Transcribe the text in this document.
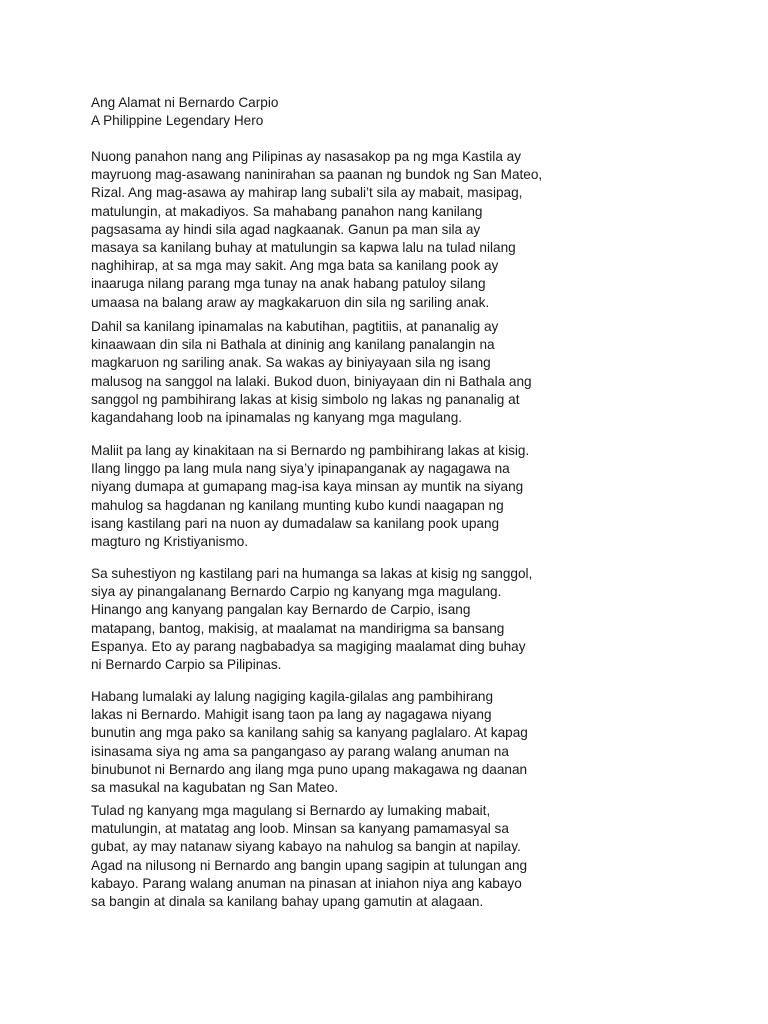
Ang Alamat ni Bernardo Carpio
A Philippine Legendary Hero
Nuong panahon nang ang Pilipinas ay nasasakop pa ng mga Kastila ay
mayruong mag-asawang naninirahan sa paanan ng bundok ng San Mateo,
Rizal. Ang mag-asawa ay mahirap lang subali’t sila ay mabait, masipag,
matulungin, at makadiyos. Sa mahabang panahon nang kanilang
pagsasama ay hindi sila agad nagkaanak. Ganun pa man sila ay
masaya sa kanilang buhay at matulungin sa kapwa lalu na tulad nilang
naghihirap, at sa mga may sakit. Ang mga bata sa kanilang pook ay
inaaruga nilang parang mga tunay na anak habang patuloy silang
umaasa na balang araw ay magkakaruon din sila ng sariling anak.
Dahil sa kanilang ipinamalas na kabutihan, pagtitiis, at pananalig ay
kinaawaan din sila ni Bathala at dininig ang kanilang panalangin na
magkaruon ng sariling anak. Sa wakas ay biniyayaan sila ng isang
malusog na sanggol na lalaki. Bukod duon, biniyayaan din ni Bathala ang
sanggol ng pambihirang lakas at kisig simbolo ng lakas ng pananalig at
kagandahang loob na ipinamalas ng kanyang mga magulang.
Maliit pa lang ay kinakitaan na si Bernardo ng pambihirang lakas at kisig.
Ilang linggo pa lang mula nang siya’y ipinapanganak ay nagagawa na
niyang dumapa at gumapang mag-isa kaya minsan ay muntik na siyang
mahulog sa hagdanan ng kanilang munting kubo kundi naagapan ng
isang kastilang pari na nuon ay dumadalaw sa kanilang pook upang
magturo ng Kristiyanismo.
Sa suhestiyon ng kastilang pari na humanga sa lakas at kisig ng sanggol,
siya ay pinangalanang Bernardo Carpio ng kanyang mga magulang.
Hinango ang kanyang pangalan kay Bernardo de Carpio, isang
matapang, bantog, makisig, at maalamat na mandirigma sa bansang
Espanya. Eto ay parang nagbabadya sa magiging maalamat ding buhay
ni Bernardo Carpio sa Pilipinas.
Habang lumalaki ay lalung nagiging kagila-gilalas ang pambihirang
lakas ni Bernardo. Mahigit isang taon pa lang ay nagagawa niyang
bunutin ang mga pako sa kanilang sahig sa kanyang paglalaro. At kapag
isinasama siya ng ama sa pangangaso ay parang walang anuman na
binubunot ni Bernardo ang ilang mga puno upang makagawa ng daanan
sa masukal na kagubatan ng San Mateo.
Tulad ng kanyang mga magulang si Bernardo ay lumaking mabait,
matulungin, at matatag ang loob. Minsan sa kanyang pamamasyal sa
gubat, ay may natanaw siyang kabayo na nahulog sa bangin at napilay.
Agad na nilusong ni Bernardo ang bangin upang sagipin at tulungan ang
kabayo. Parang walang anuman na pinasan at iniahon niya ang kabayo
sa bangin at dinala sa kanilang bahay upang gamutin at alagaan.
